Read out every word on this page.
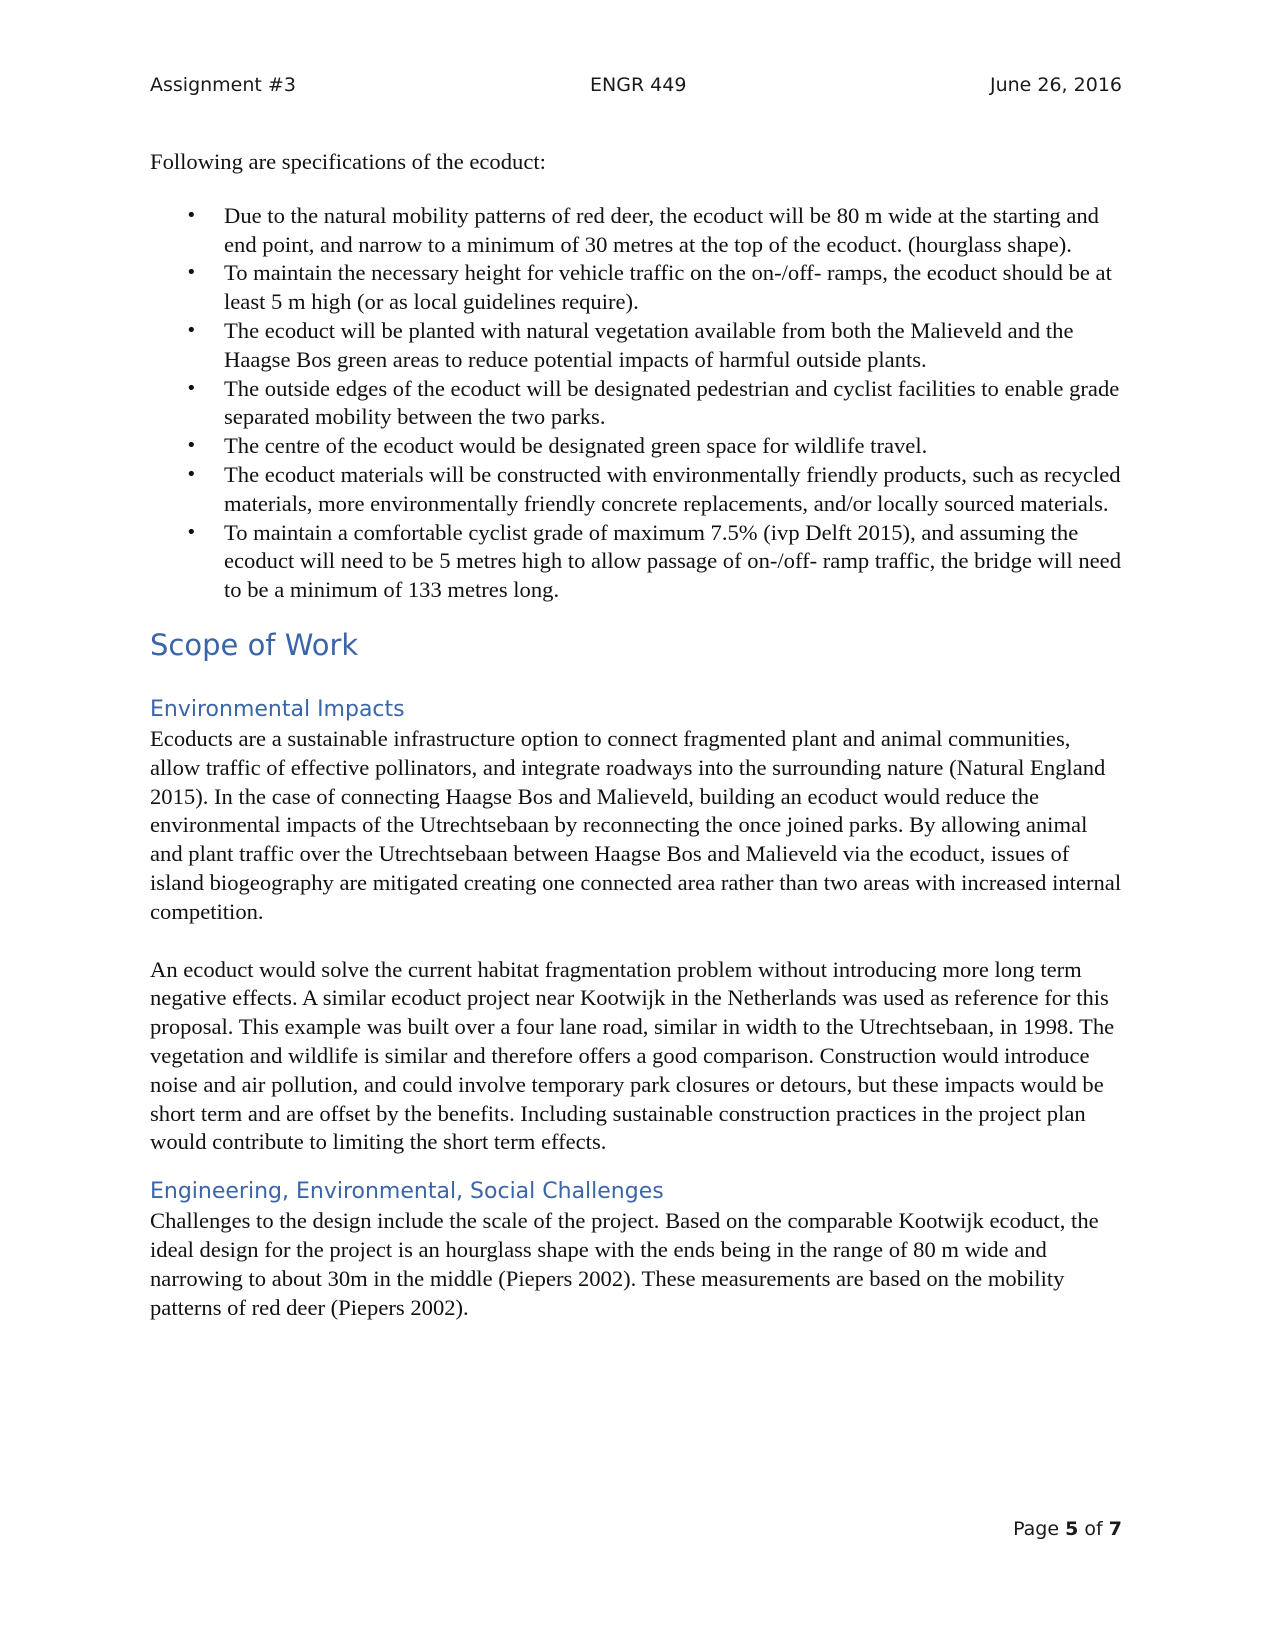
Assignment #3	ENGR 449	June 26, 2016

Following are specifications of the ecoduct:

• Due to the natural mobility patterns of red deer, the ecoduct will be 80 m wide at the starting and end point, and narrow to a minimum of 30 metres at the top of the ecoduct. (hourglass shape).
• To maintain the necessary height for vehicle traffic on the on-/off- ramps, the ecoduct should be at least 5 m high (or as local guidelines require).
• The ecoduct will be planted with natural vegetation available from both the Malieveld and the Haagse Bos green areas to reduce potential impacts of harmful outside plants.
• The outside edges of the ecoduct will be designated pedestrian and cyclist facilities to enable grade separated mobility between the two parks.
• The centre of the ecoduct would be designated green space for wildlife travel.
• The ecoduct materials will be constructed with environmentally friendly products, such as recycled materials, more environmentally friendly concrete replacements, and/or locally sourced materials.
• To maintain a comfortable cyclist grade of maximum 7.5% (ivp Delft 2015), and assuming the ecoduct will need to be 5 metres high to allow passage of on-/off- ramp traffic, the bridge will need to be a minimum of 133 metres long.
Scope of Work
Environmental Impacts

Ecoducts are a sustainable infrastructure option to connect fragmented plant and animal communities, allow traffic of effective pollinators, and integrate roadways into the surrounding nature (Natural England 2015). In the case of connecting Haagse Bos and Malieveld, building an ecoduct would reduce the environmental impacts of the Utrechtsebaan by reconnecting the once joined parks. By allowing animal and plant traffic over the Utrechtsebaan between Haagse Bos and Malieveld via the ecoduct, issues of island biogeography are mitigated creating one connected area rather than two areas with increased internal competition.

An ecoduct would solve the current habitat fragmentation problem without introducing more long term negative effects. A similar ecoduct project near Kootwijk in the Netherlands was used as reference for this proposal. This example was built over a four lane road, similar in width to the Utrechtsebaan, in 1998. The vegetation and wildlife is similar and therefore offers a good comparison. Construction would introduce noise and air pollution, and could involve temporary park closures or detours, but these impacts would be short term and are offset by the benefits. Including sustainable construction practices in the project plan would contribute to limiting the short term effects.

Engineering, Environmental, Social Challenges

Challenges to the design include the scale of the project. Based on the comparable Kootwijk ecoduct, the ideal design for the project is an hourglass shape with the ends being in the range of 80 m wide and narrowing to about 30m in the middle (Piepers 2002). These measurements are based on the mobility patterns of red deer (Piepers 2002).

Page 5 of 7
